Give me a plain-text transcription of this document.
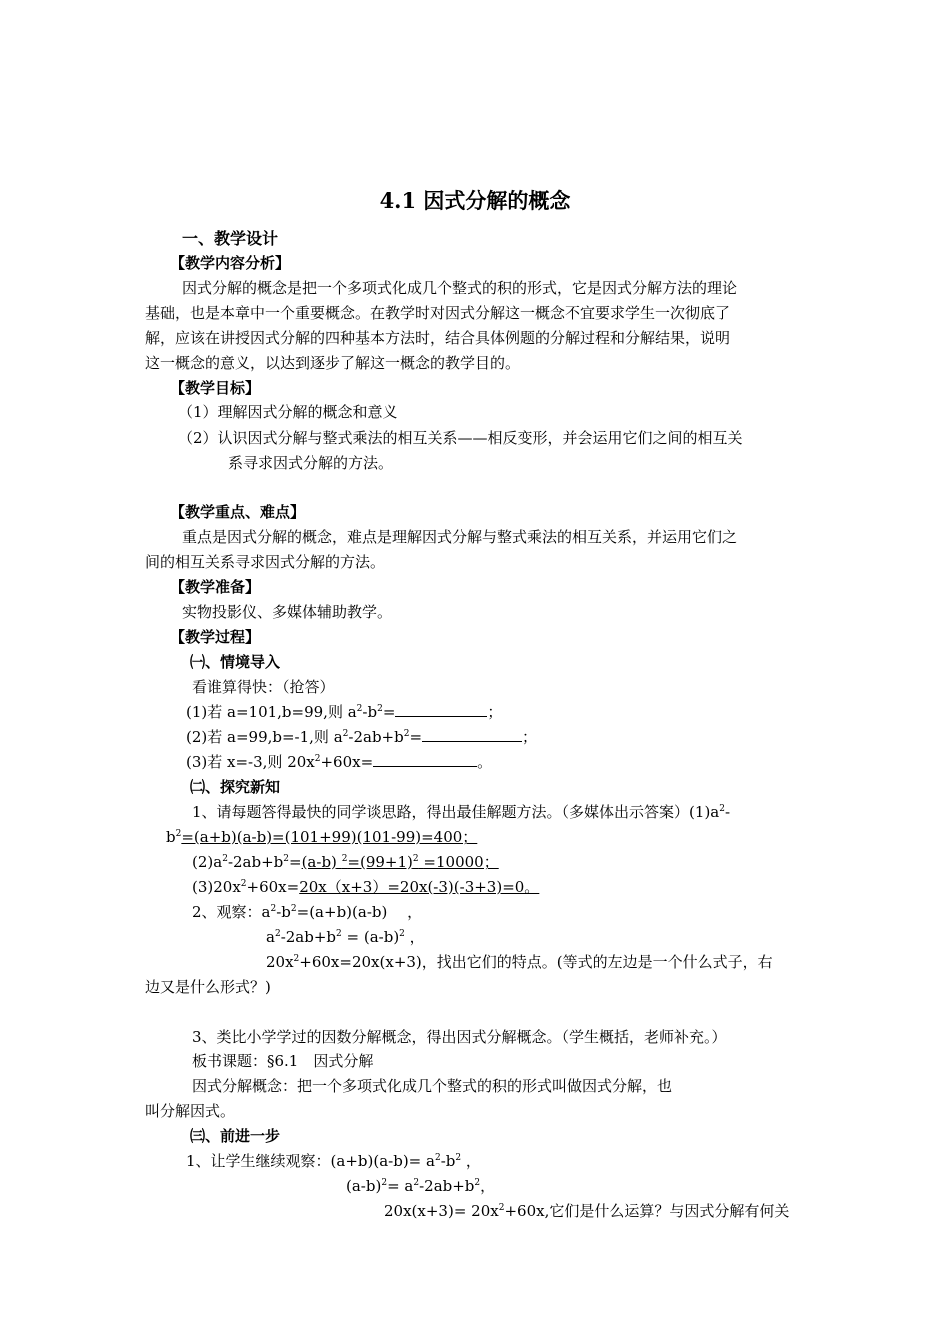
4.1 因式分解的概念
一、教学设计
【教学内容分析】
因式分解的概念是把一个多项式化成几个整式的积的形式，它是因式分解方法的理论
基础，也是本章中一个重要概念。在教学时对因式分解这一概念不宜要求学生一次彻底了
解，应该在讲授因式分解的四种基本方法时，结合具体例题的分解过程和分解结果，说明
这一概念的意义，以达到逐步了解这一概念的教学目的。
【教学目标】
（1）理解因式分解的概念和意义
（2）认识因式分解与整式乘法的相互关系——相反变形，并会运用它们之间的相互关
系寻求因式分解的方法。
【教学重点、难点】
重点是因式分解的概念，难点是理解因式分解与整式乘法的相互关系，并运用它们之
间的相互关系寻求因式分解的方法。
【教学准备】
实物投影仪、多媒体辅助教学。
【教学过程】
㈠、情境导入
看谁算得快：（抢答）
(1)若 a=101,b=99,则 $a^2-b^2=$	；
(2)若 a=99,b=-1,则 $a^2-2ab+b^2=$	；
(3)若 x=-3,则 $20x^2+60x=$	。
㈡、探究新知
1、请每题答得最快的同学谈思路，得出最佳解题方法。（多媒体出示答案）$(1)a^2-$
$b^2=(a+b)(a-b)=(101+99)(101-99)=400$；
$(2)a^2-2ab+b^2=(a-b)$ $^2=(99+1)^2 =10000$；
$(3)20x^2+60x=20x(x+3)=20x(-3)(-3+3)=0$。
2、观察：$a^2-b^2=(a+b)(a-b)$　 ，
$a^2-2ab+b^2 = (a-b)^2$ ，
$20x^2+60x=20x(x+3)$，找出它们的特点。(等式的左边是一个什么式子，右
边又是什么形式？)
3、类比小学学过的因数分解概念，得出因式分解概念。（学生概括，老师补充。）
板书课题：§6.1　因式分解
因式分解概念：把一个多项式化成几个整式的积的形式叫做因式分解，也
叫分解因式。
㈢、前进一步
1、让学生继续观察：$(a+b)(a-b)= a^2-b^2$ ，
$(a-b)^2= a^2-2ab+b^2$，
$20x(x+3)= 20x^2+60x$,它们是什么运算？与因式分解有何关
